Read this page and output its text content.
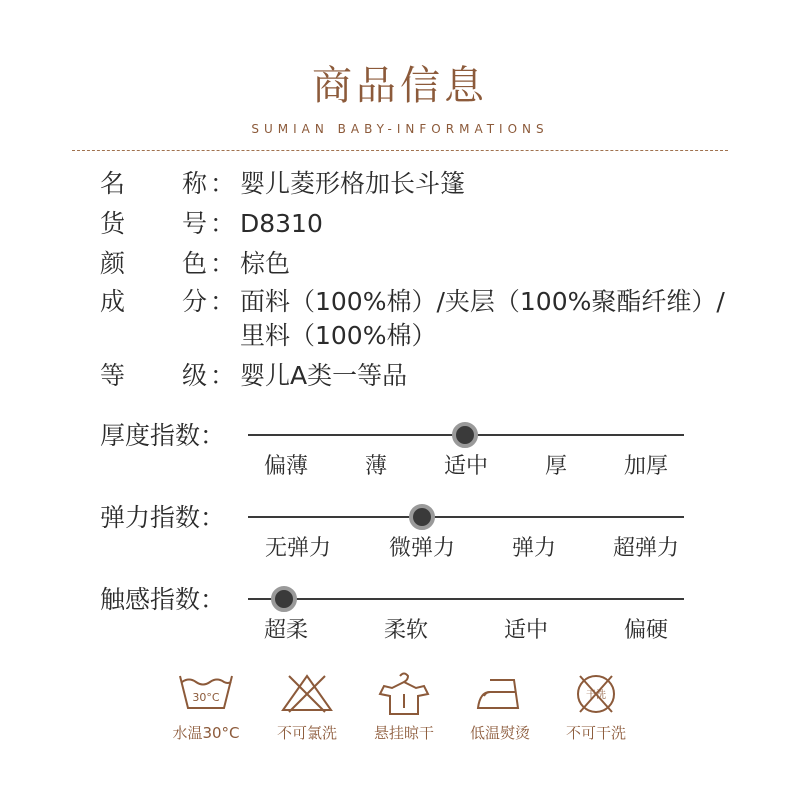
商品信息
SUMIAN BABY-INFORMATIONS
名 称 ： 婴儿菱形格加长斗篷
货 号 ： D8310
颜 色 ： 棕色
成 分 ： 面料（100%棉）/夹层（100%聚酯纤维）/
里料（100%棉）
等 级 ： 婴儿A类一等品
厚度指数：
偏薄	薄	适中	厚	加厚
弹力指数：
无弹力	微弹力	弹力	超弹力
触感指数：
超柔	柔软	适中	偏硬
30°C
水温30°C	不可氯洗	悬挂晾干	低温熨烫
干洗
不可干洗
